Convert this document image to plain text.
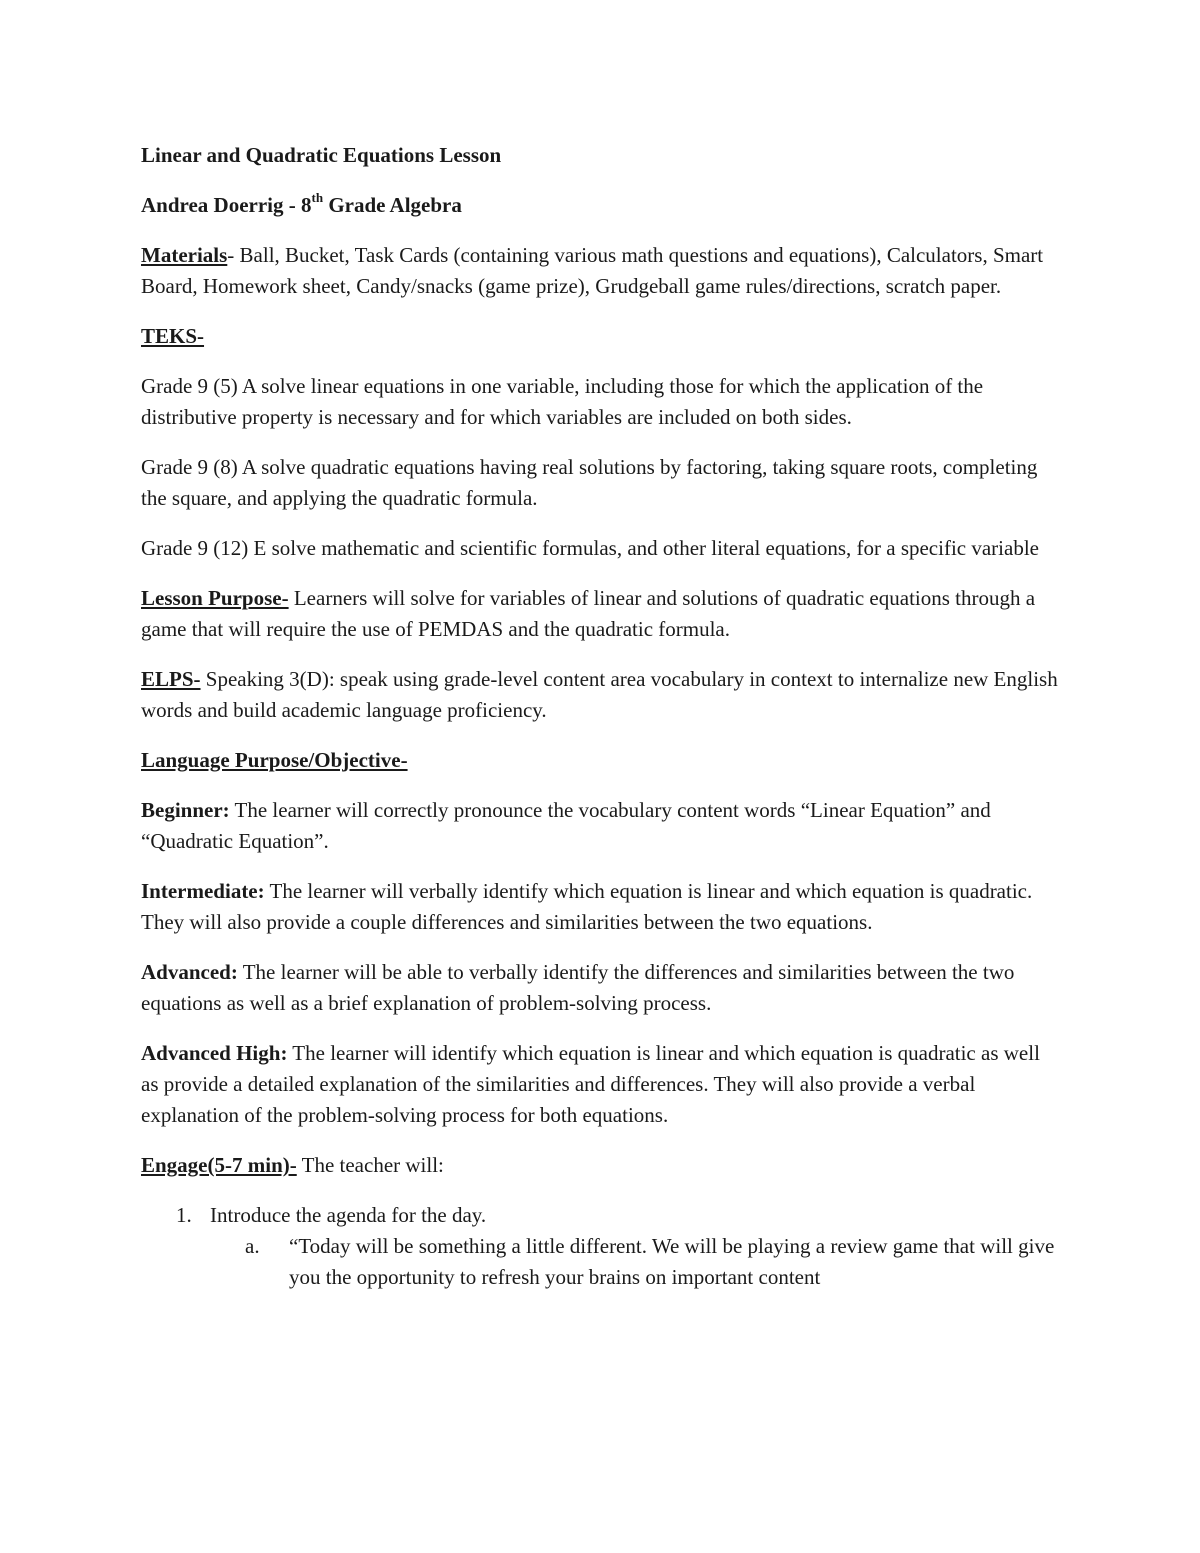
Linear and Quadratic Equations Lesson

Andrea Doerrig - 8th Grade Algebra

Materials- Ball, Bucket, Task Cards (containing various math questions and equations), Calculators, Smart Board, Homework sheet, Candy/snacks (game prize), Grudgeball game rules/directions, scratch paper.

TEKS-

Grade 9 (5) A solve linear equations in one variable, including those for which the application of the distributive property is necessary and for which variables are included on both sides.

Grade 9 (8) A solve quadratic equations having real solutions by factoring, taking square roots, completing the square, and applying the quadratic formula.

Grade 9 (12) E solve mathematic and scientific formulas, and other literal equations, for a specific variable

Lesson Purpose- Learners will solve for variables of linear and solutions of quadratic equations through a game that will require the use of PEMDAS and the quadratic formula.

ELPS- Speaking 3(D): speak using grade-level content area vocabulary in context to internalize new English words and build academic language proficiency.

Language Purpose/Objective-

Beginner: The learner will correctly pronounce the vocabulary content words “Linear Equation” and “Quadratic Equation”.

Intermediate: The learner will verbally identify which equation is linear and which equation is quadratic. They will also provide a couple differences and similarities between the two equations.

Advanced: The learner will be able to verbally identify the differences and similarities between the two equations as well as a brief explanation of problem-solving process.

Advanced High: The learner will identify which equation is linear and which equation is quadratic as well as provide a detailed explanation of the similarities and differences. They will also provide a verbal explanation of the problem-solving process for both equations.

Engage(5-7 min)- The teacher will:

1. Introduce the agenda for the day.
a. “Today will be something a little different. We will be playing a review game that will give you the opportunity to refresh your brains on important content
